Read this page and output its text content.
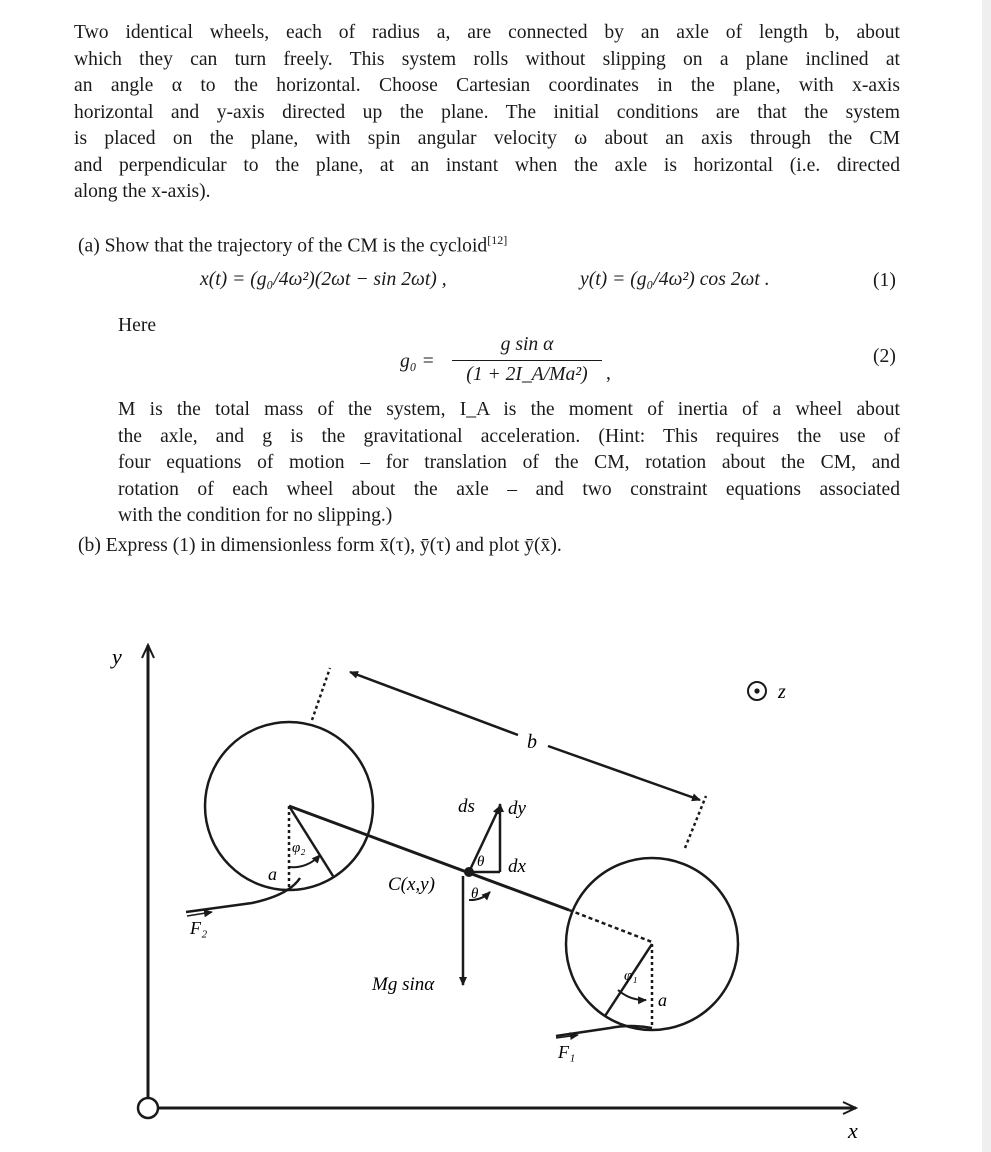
Two identical wheels, each of radius a, are connected by an axle of length b, about
which they can turn freely. This system rolls without slipping on a plane inclined at
an angle α to the horizontal. Choose Cartesian coordinates in the plane, with x-axis
horizontal and y-axis directed up the plane. The initial conditions are that the system
is placed on the plane, with spin angular velocity ω about an axis through the CM
and perpendicular to the plane, at an instant when the axle is horizontal (i.e. directed
along the x-axis).
(a) Show that the trajectory of the CM is the cycloid[12]
x(t) = (g₀/4ω²)(2ωt − sin 2ωt) ,	y(t) = (g₀/4ω²) cos 2ωt .	(1)
Here
g₀ =
g sin α
(1 + 2I_A/Ma²) ,
(2)
M is the total mass of the system, I_A is the moment of inertia of a wheel about
the axle, and g is the gravitational acceleration. (Hint: This requires the use of
four equations of motion – for translation of the CM, rotation about the CM, and
rotation of each wheel about the axle – and two constraint equations associated
with the condition for no slipping.)
(b) Express (1) in dimensionless form x̄(τ), ȳ(τ) and plot ȳ(x̄).
y
x
z
b
φ₂
a
F₂
φ₁
a
F₁
C(x,y)
ds dy
dx
θ
θ
Mg sinα
